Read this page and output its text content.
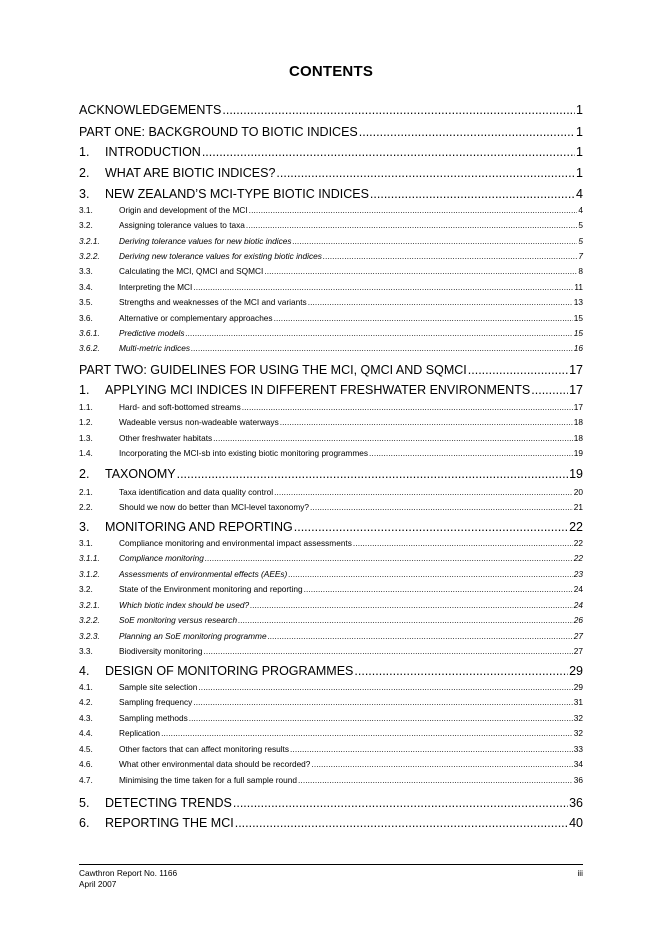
CONTENTS
ACKNOWLEDGEMENTS .....	1
PART ONE: BACKGROUND TO BIOTIC INDICES .....	1
1.	INTRODUCTION .....	1
2.	WHAT ARE BIOTIC INDICES? .....	1
3.	NEW ZEALAND’S MCI-TYPE BIOTIC INDICES .....	4
3.1.	Origin and development of the MCI .....	4
3.2.	Assigning tolerance values to taxa .....	5
3.2.1.	Deriving tolerance values for new biotic indices .....	5
3.2.2.	Deriving new tolerance values for existing biotic indices .....	7
3.3.	Calculating the MCI, QMCI and SQMCI .....	8
3.4.	Interpreting the MCI .....	11
3.5.	Strengths and weaknesses of the MCI and variants .....	13
3.6.	Alternative or complementary approaches .....	15
3.6.1.	Predictive models .....	15
3.6.2.	Multi-metric indices .....	16
PART TWO: GUIDELINES FOR USING THE MCI, QMCI AND SQMCI .....	17
1.	APPLYING MCI INDICES IN DIFFERENT FRESHWATER ENVIRONMENTS .....	17
1.1.	Hard- and soft-bottomed streams .....	17
1.2.	Wadeable versus non-wadeable waterways .....	18
1.3.	Other freshwater habitats .....	18
1.4.	Incorporating the MCI-sb into existing biotic monitoring programmes .....	19
2.	TAXONOMY .....	19
2.1.	Taxa identification and data quality control .....	20
2.2.	Should we now do better than MCI-level taxonomy? .....	21
3.	MONITORING AND REPORTING .....	22
3.1.	Compliance monitoring and environmental impact assessments .....	22
3.1.1.	Compliance monitoring .....	22
3.1.2.	Assessments of environmental effects (AEEs) .....	23
3.2.	State of the Environment monitoring and reporting .....	24
3.2.1.	Which biotic index should be used? .....	24
3.2.2.	SoE monitoring versus research .....	26
3.2.3.	Planning an SoE monitoring programme .....	27
3.3.	Biodiversity monitoring .....	27
4.	DESIGN OF MONITORING PROGRAMMES .....	29
4.1.	Sample site selection .....	29
4.2.	Sampling frequency .....	31
4.3.	Sampling methods .....	32
4.4.	Replication .....	32
4.5.	Other factors that can affect monitoring results .....	33
4.6.	What other environmental data should be recorded? .....	34
4.7.	Minimising the time taken for a full sample round .....	36
5.	DETECTING TRENDS .....	36
6.	REPORTING THE MCI .....	40
Cawthron Report No. 1166
April 2007
iii
